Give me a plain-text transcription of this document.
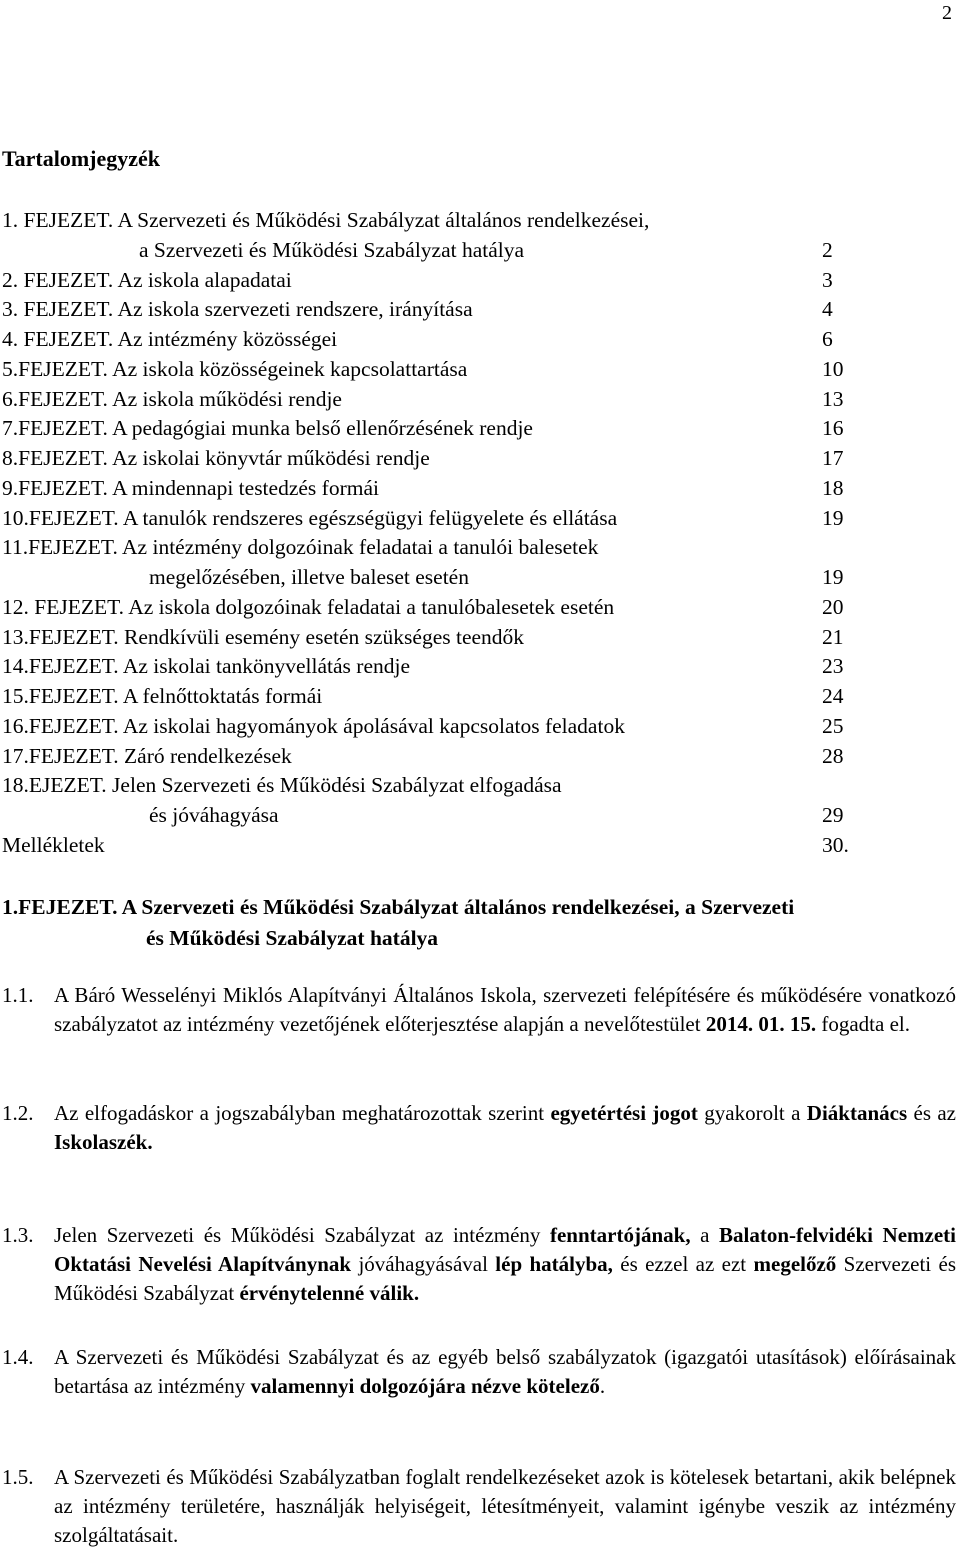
2
Tartalomjegyzék
1. FEJEZET. A Szervezeti és Működési Szabályzat általános rendelkezései,
a Szervezeti és Működési Szabályzat hatálya	2
2. FEJEZET. Az iskola alapadatai	3
3. FEJEZET. Az iskola szervezeti rendszere, irányítása	4
4. FEJEZET. Az intézmény közösségei	6
5.FEJEZET. Az iskola közösségeinek kapcsolattartása	10
6.FEJEZET. Az iskola működési rendje	13
7.FEJEZET. A pedagógiai munka belső ellenőrzésének rendje	16
8.FEJEZET. Az iskolai könyvtár működési rendje	17
9.FEJEZET. A mindennapi testedzés formái	18
10.FEJEZET. A tanulók rendszeres egészségügyi felügyelete és ellátása	19
11.FEJEZET. Az intézmény dolgozóinak feladatai a tanulói balesetek
megelőzésében, illetve baleset esetén	19
12. FEJEZET. Az iskola dolgozóinak feladatai a tanulóbalesetek esetén	20
13.FEJEZET. Rendkívüli esemény esetén szükséges teendők	21
14.FEJEZET. Az iskolai tankönyvellátás rendje	23
15.FEJEZET. A felnőttoktatás formái	24
16.FEJEZET. Az iskolai hagyományok ápolásával kapcsolatos feladatok	25
17.FEJEZET. Záró rendelkezések	28
18.EJEZET. Jelen Szervezeti és Működési Szabályzat elfogadása
és jóváhagyása	29
Mellékletek	30.
1.FEJEZET. A Szervezeti és Működési Szabályzat általános rendelkezései, a Szervezeti
és Működési Szabályzat hatálya
1.1. A Báró Wesselényi Miklós Alapítványi Általános Iskola, szervezeti felépítésére és működésére vonatkozó szabályzatot az intézmény vezetőjének előterjesztése alapján a nevelőtestület 2014. 01. 15. fogadta el.
1.2. Az elfogadáskor a jogszabályban meghatározottak szerint egyetértési jogot gyakorolt a Diáktanács és az Iskolaszék.
1.3. Jelen Szervezeti és Működési Szabályzat az intézmény fenntartójának, a Balaton-felvidéki Nemzeti Oktatási Nevelési Alapítványnak jóváhagyásával lép hatályba, és ezzel az ezt megelőző Szervezeti és Működési Szabályzat érvénytelenné válik.
1.4. A Szervezeti és Működési Szabályzat és az egyéb belső szabályzatok (igazgatói utasítások) előírásainak betartása az intézmény valamennyi dolgozójára nézve kötelező.
1.5. A Szervezeti és Működési Szabályzatban foglalt rendelkezéseket azok is kötelesek betartani, akik belépnek az intézmény területére, használják helyiségeit, létesítményeit, valamint igénybe veszik az intézmény szolgáltatásait.
